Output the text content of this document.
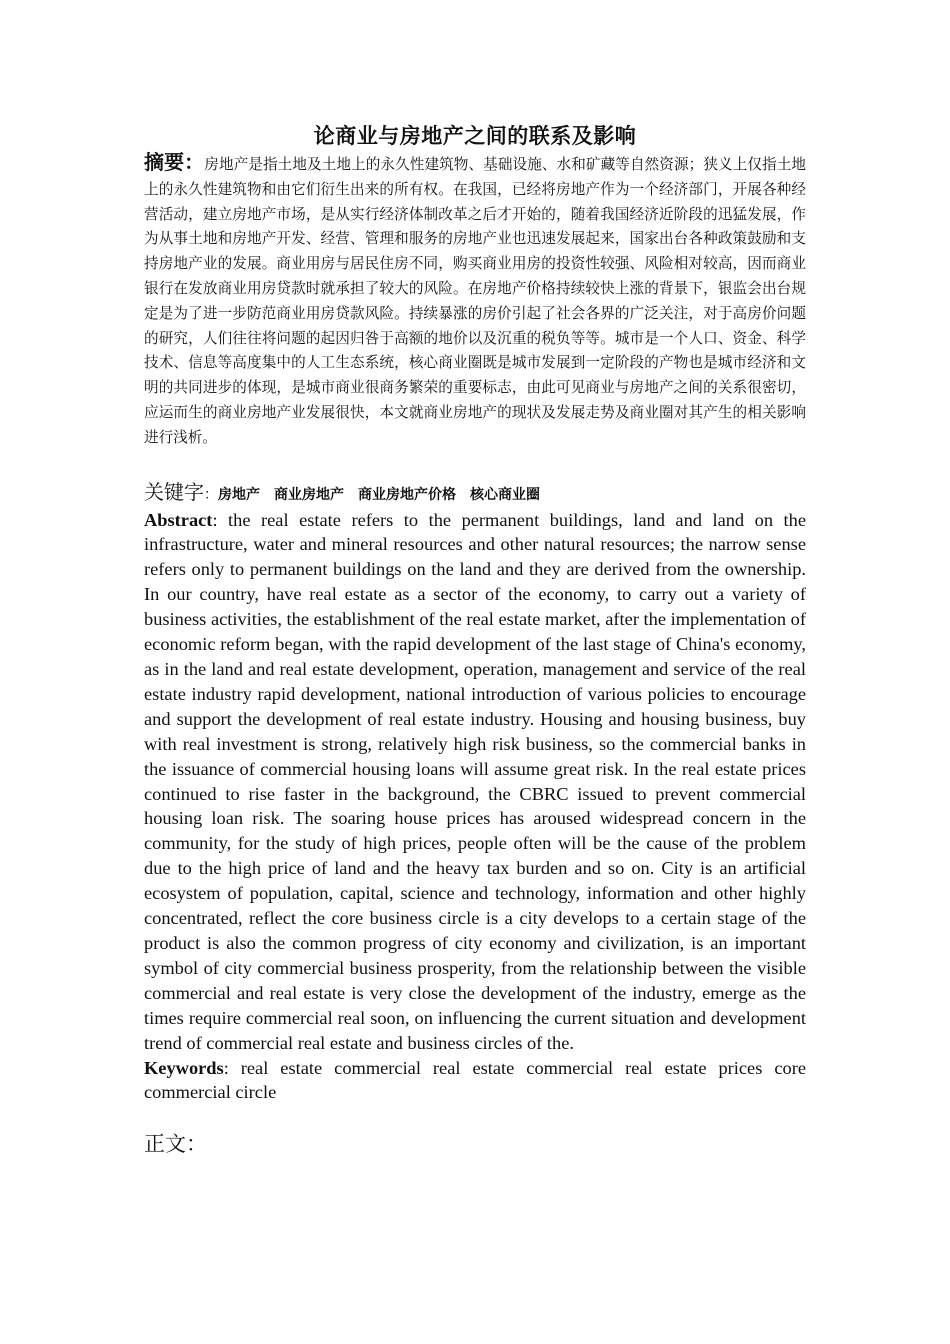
论商业与房地产之间的联系及影响

摘要：房地产是指土地及土地上的永久性建筑物、基础设施、水和矿藏等自然资源；狭义上仅指土地上的永久性建筑物和由它们衍生出来的所有权。在我国，已经将房地产作为一个经济部门，开展各种经营活动，建立房地产市场，是从实行经济体制改革之后才开始的，随着我国经济近阶段的迅猛发展，作为从事土地和房地产开发、经营、管理和服务的房地产业也迅速发展起来，国家出台各种政策鼓励和支持房地产业的发展。商业用房与居民住房不同，购买商业用房的投资性较强、风险相对较高，因而商业银行在发放商业用房贷款时就承担了较大的风险。在房地产价格持续较快上涨的背景下，银监会出台规定是为了进一步防范商业用房贷款风险。持续暴涨的房价引起了社会各界的广泛关注，对于高房价问题的研究，人们往往将问题的起因归咎于高额的地价以及沉重的税负等等。城市是一个人口、资金、科学技术、信息等高度集中的人工生态系统，核心商业圈既是城市发展到一定阶段的产物也是城市经济和文明的共同进步的体现，是城市商业很商务繁荣的重要标志，由此可见商业与房地产之间的关系很密切，应运而生的商业房地产业发展很快，本文就商业房地产的现状及发展走势及商业圈对其产生的相关影响进行浅析。

关键字：房地产　商业房地产　商业房地产价格　核心商业圈

Abstract: the real estate refers to the permanent buildings, land and land on the infrastructure, water and mineral resources and other natural resources; the narrow sense refers only to permanent buildings on the land and they are derived from the ownership. In our country, have real estate as a sector of the economy, to carry out a variety of business activities, the establishment of the real estate market, after the implementation of economic reform began, with the rapid development of the last stage of China's economy, as in the land and real estate development, operation, management and service of the real estate industry rapid development, national introduction of various policies to encourage and support the development of real estate industry. Housing and housing business, buy with real investment is strong, relatively high risk business, so the commercial banks in the issuance of commercial housing loans will assume great risk. In the real estate prices continued to rise faster in the background, the CBRC issued to prevent commercial housing loan risk. The soaring house prices has aroused widespread concern in the community, for the study of high prices, people often will be the cause of the problem due to the high price of land and the heavy tax burden and so on. City is an artificial ecosystem of population, capital, science and technology, information and other highly concentrated, reflect the core business circle is a city develops to a certain stage of the product is also the common progress of city economy and civilization, is an important symbol of city commercial business prosperity, from the relationship between the visible commercial and real estate is very close the development of the industry, emerge as the times require commercial real soon, on influencing the current situation and development trend of commercial real estate and business circles of the.

Keywords: real estate commercial real estate commercial real estate prices core commercial circle

正文：
